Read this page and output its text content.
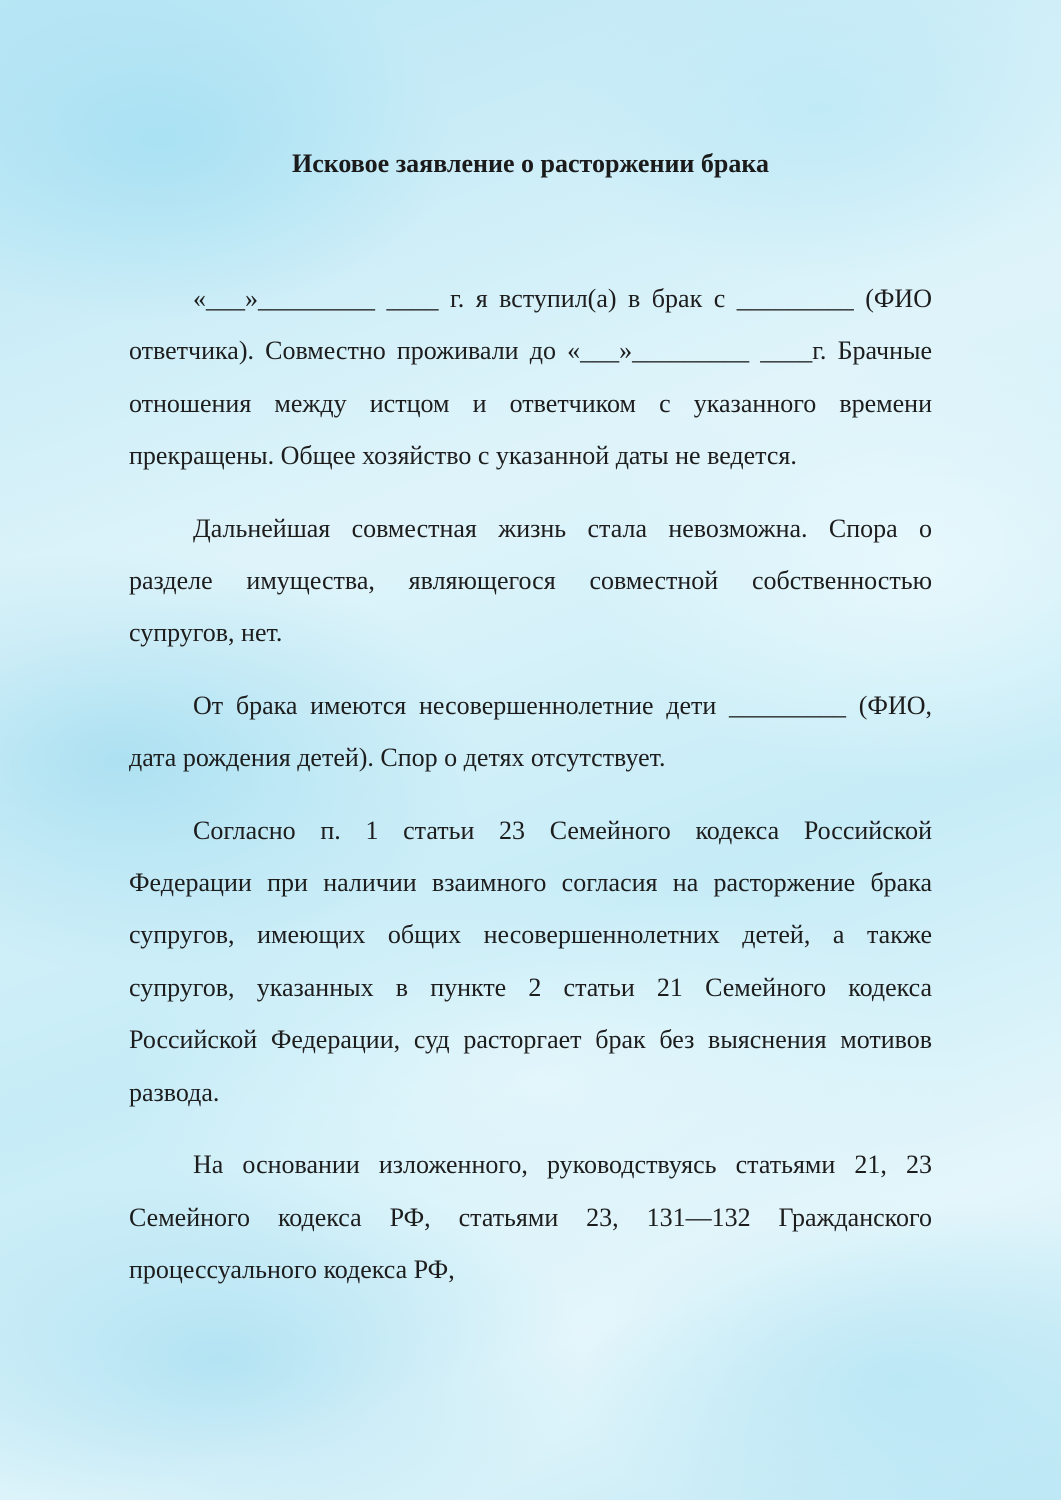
Исковое заявление о расторжении брака

«___»_________ ____ г. я вступил(а) в брак с _________ (ФИО ответчика). Совместно проживали до «___»_________ ____г. Брачные отношения между истцом и ответчиком с указанного времени прекращены. Общее хозяйство с указанной даты не ведется.

Дальнейшая совместная жизнь стала невозможна. Спора о разделе имущества, являющегося совместной собственностью супругов, нет.

От брака имеются несовершеннолетние дети _________ (ФИО, дата рождения детей). Спор о детях отсутствует.

Согласно п. 1 статьи 23 Семейного кодекса Российской Федерации при наличии взаимного согласия на расторжение брака супругов, имеющих общих несовершеннолетних детей, а также супругов, указанных в пункте 2 статьи 21 Семейного кодекса Российской Федерации, суд расторгает брак без выяснения мотивов развода.

На основании изложенного, руководствуясь статьями 21, 23 Семейного кодекса РФ, статьями 23, 131—132 Гражданского процессуального кодекса РФ,
